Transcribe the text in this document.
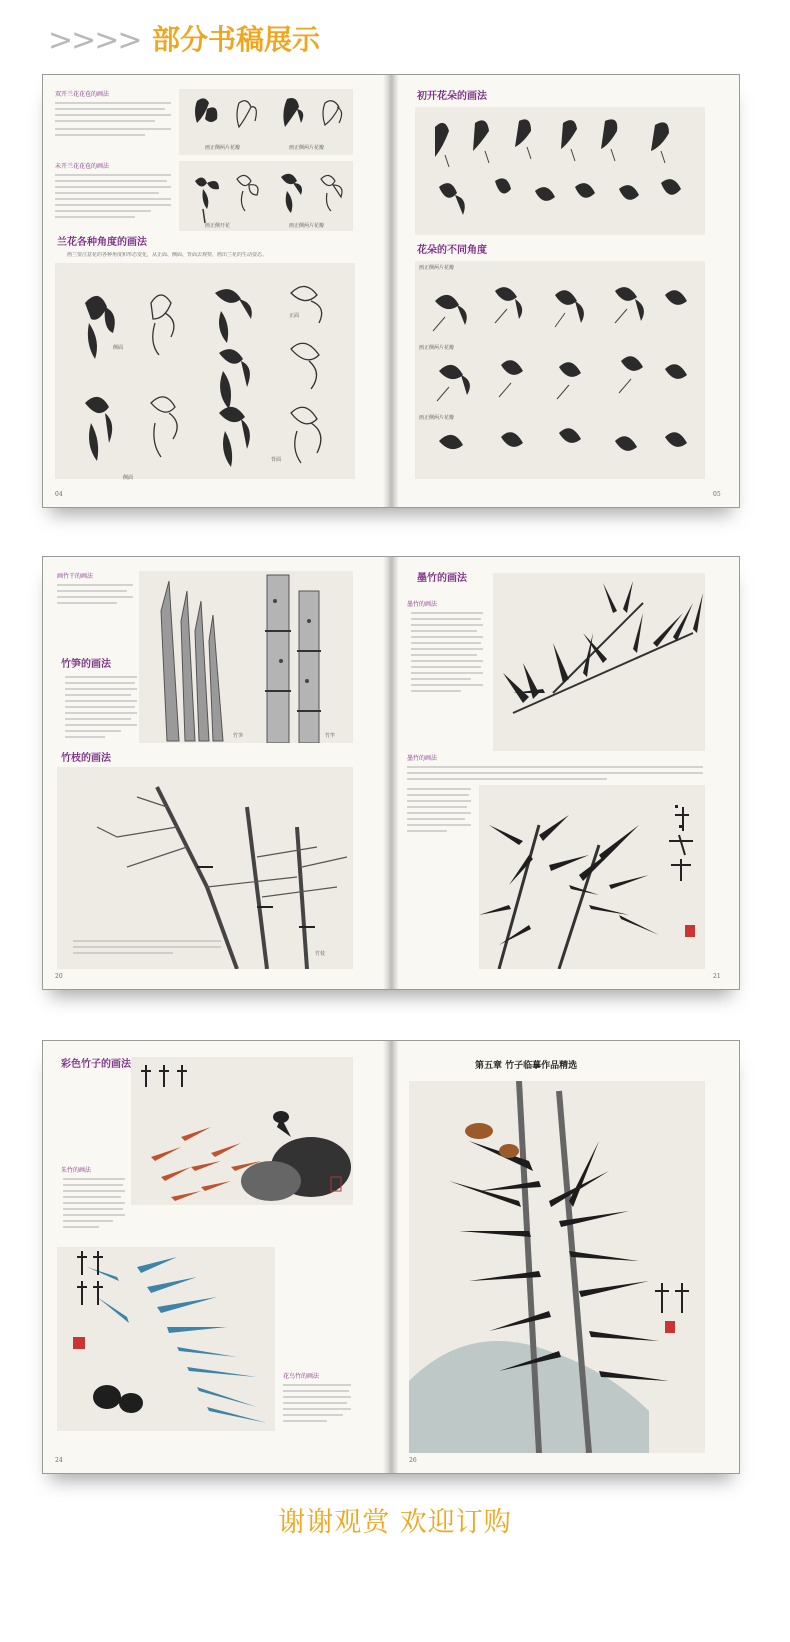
>>>> 部分书稿展示
双开兰花花苞的画法
未开兰花花苞的画法
画正侧两片花瓣	画正侧两片花瓣
画正侧开花	画正侧两片花瓣
兰花各种角度的画法
画兰要注意花的各种角度和形态变化，从正面、侧面、背面去观察，画出兰花的生动姿态。
正面
侧面
背面
侧面
04
初开花朵的画法
花朵的不同角度
画正侧两片花瓣
画正侧两片花瓣
画正侧两片花瓣
05
画竹干的画法
竹笋的画法
竹笋	竹竿
竹枝的画法
竹枝
20
墨竹的画法
墨竹的画法
墨竹的画法
21
彩色竹子的画法
朱竹的画法
花鸟竹的画法
24
第五章 竹子临摹作品精选
26
谢谢观赏 欢迎订购
